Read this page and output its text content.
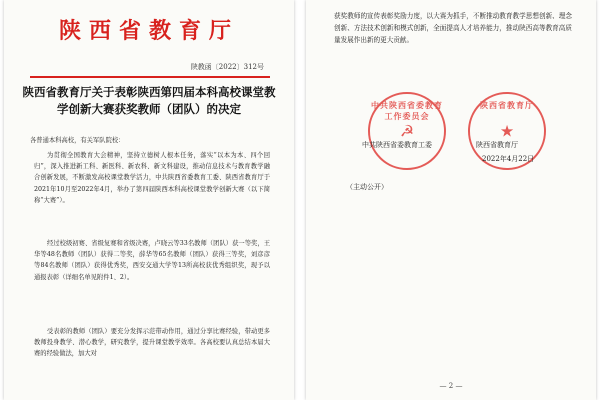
陕西省教育厅
陕教函〔2022〕312号
陕西省教育厅关于表彰陕西第四届本科高校课堂教学创新大赛获奖教师（团队）的决定

各普通本科高校，有关军队院校：

为贯彻全国教育大会精神，坚持立德树人根本任务，落实“以本为本、四个回归”，深入推进新工科、新医科、新农科、新文科建设，推动信息技术与教育教学融合创新发展，不断激发高校课堂教学活力，中共陕西省委教育工委、陕西省教育厅于2021年10月至2022年4月，举办了第四届陕西本科高校课堂教学创新大赛（以下简称“大赛”）。

经过校级初赛、省级复赛和省级决赛，卢晓云等33名教师（团队）获一等奖，王华等48名教师（团队）获得二等奖，薛华等65名教师（团队）获得三等奖，刘彦彦等84名教师（团队）获得优秀奖，西安交通大学等13所高校获优秀组织奖，现予以通报表彰（详细名单见附件1、2）。

受表彰的教师（团队）要充分发挥示范带动作用，通过分享比赛经验，带动更多教师投身教学、潜心教学，研究教学，提升课堂教学效率。各高校要认真总结本届大赛的经验做法，加大对

获奖教师的宣传表彰奖励力度，以大赛为抓手，不断推动教育教学思想创新、理念创新、方法技术创新和模式创新，全面提高人才培养能力，推动陕西高等教育高质量发展作出新的更大贡献。

中共陕西省委教育工作委员会
☭
陕西省教育厅
★
中共陕西省委教育工委	陕西省教育厅
2022年4月22日
（主动公开）
— 2 —
